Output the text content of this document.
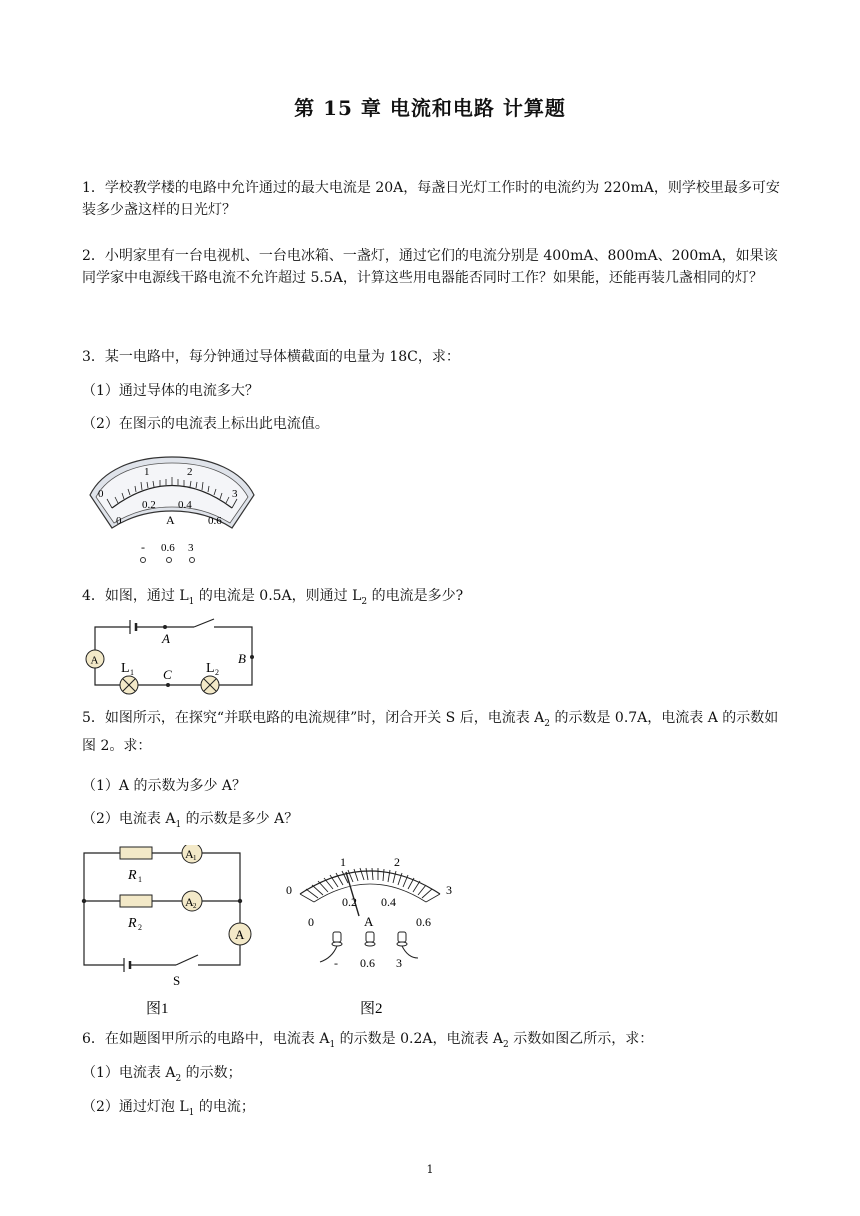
第 15 章 电流和电路 计算题
1．学校教学楼的电路中允许通过的最大电流是 20A，每盏日光灯工作时的电流约为 220mA，则学校里最多可安装多少盏这样的日光灯？
2．小明家里有一台电视机、一台电冰箱、一盏灯，通过它们的电流分别是 400mA、800mA、200mA，如果该同学家中电源线干路电流不允许超过 5.5A，计算这些用电器能否同时工作？如果能，还能再装几盏相同的灯？
3．某一电路中，每分钟通过导体横截面的电量为 18C，求：
（1）通过导体的电流多大？
（2）在图示的电流表上标出此电流值。
0
1	2
3
0
0.2 0.4
0.6
A
- 0.6 3
4．如图，通过 $L_1$ 的电流是 0.5A，则通过 $L_2$ 的电流是多少?
A
A
B
C
L 1	L 2
5．如图所示，在探究“并联电路的电流规律”时，闭合开关 S 后，电流表 $A_2$ 的示数是 0.7A，电流表 A 的示数如图 2。求：
（1）A 的示数为多少 A？
（2）电流表 $A_1$ 的示数是多少 A？
A 1
A 2
A
R 1
R 2
S
图1
0
1	2
3
0
0.2 0.4
0.6
A
- 0.6 3
图2
6．在如题图甲所示的电路中，电流表 $A_1$ 的示数是 0.2A，电流表 $A_2$ 示数如图乙所示，求：
（1）电流表 $A_2$ 的示数；
（2）通过灯泡 $L_1$ 的电流；
1
